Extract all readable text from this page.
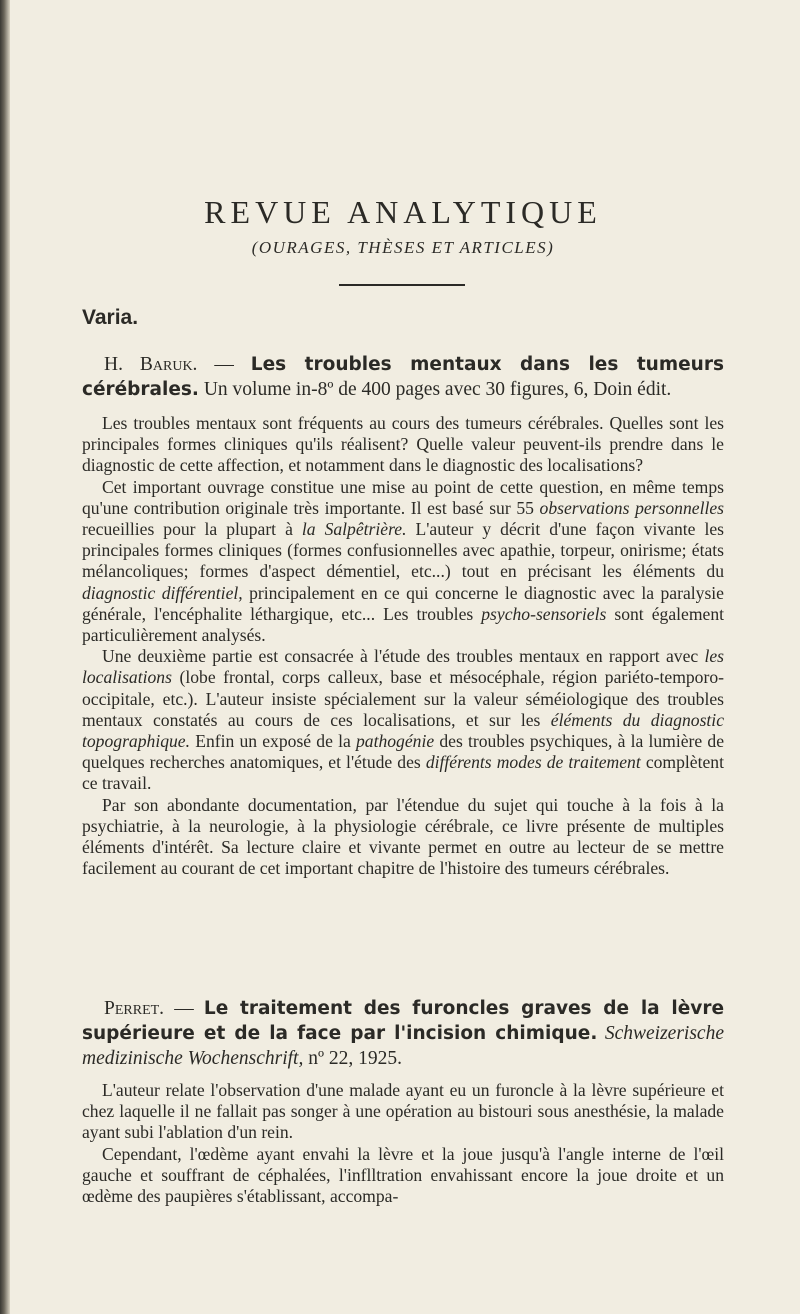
REVUE ANALYTIQUE
(OURAGES, THÈSES ET ARTICLES)
Varia.

H. Baruk. — Les troubles mentaux dans les tumeurs cérébrales. Un volume in-8º de 400 pages avec 30 figures, 6, Doin édit.

Les troubles mentaux sont fréquents au cours des tumeurs cérébrales. Quelles sont les principales formes cliniques qu'ils réalisent? Quelle valeur peuvent-ils prendre dans le diagnostic de cette affection, et notamment dans le diagnostic des localisations?

Cet important ouvrage constitue une mise au point de cette question, en même temps qu'une contribution originale très importante. Il est basé sur 55 observations personnelles recueillies pour la plupart à la Salpêtrière. L'auteur y décrit d'une façon vivante les principales formes cliniques (formes confusionnelles avec apathie, torpeur, onirisme; états mélancoliques; formes d'aspect démentiel, etc...) tout en précisant les éléments du diagnostic différentiel, principalement en ce qui concerne le diagnostic avec la paralysie générale, l'encéphalite léthargique, etc... Les troubles psycho-sensoriels sont également particulièrement analysés.

Une deuxième partie est consacrée à l'étude des troubles mentaux en rapport avec les localisations (lobe frontal, corps calleux, base et mésocéphale, région pariéto-temporo-occipitale, etc.). L'auteur insiste spécialement sur la valeur séméiologique des troubles mentaux constatés au cours de ces localisations, et sur les éléments du diagnostic topographique. Enfin un exposé de la pathogénie des troubles psychiques, à la lumière de quelques recherches anatomiques, et l'étude des différents modes de traitement complètent ce travail.

Par son abondante documentation, par l'étendue du sujet qui touche à la fois à la psychiatrie, à la neurologie, à la physiologie cérébrale, ce livre présente de multiples éléments d'intérêt. Sa lecture claire et vivante permet en outre au lecteur de se mettre facilement au courant de cet important chapitre de l'histoire des tumeurs cérébrales.

Perret. — Le traitement des furoncles graves de la lèvre supérieure et de la face par l'incision chimique. Schweizerische medizinische Wochenschrift, nº 22, 1925.

L'auteur relate l'observation d'une malade ayant eu un furoncle à la lèvre supérieure et chez laquelle il ne fallait pas songer à une opération au bistouri sous anesthésie, la malade ayant subi l'ablation d'un rein.

Cependant, l'œdème ayant envahi la lèvre et la joue jusqu'à l'angle interne de l'œil gauche et souffrant de céphalées, l'inflltration envahissant encore la joue droite et un œdème des paupières s'établissant, accompa-
